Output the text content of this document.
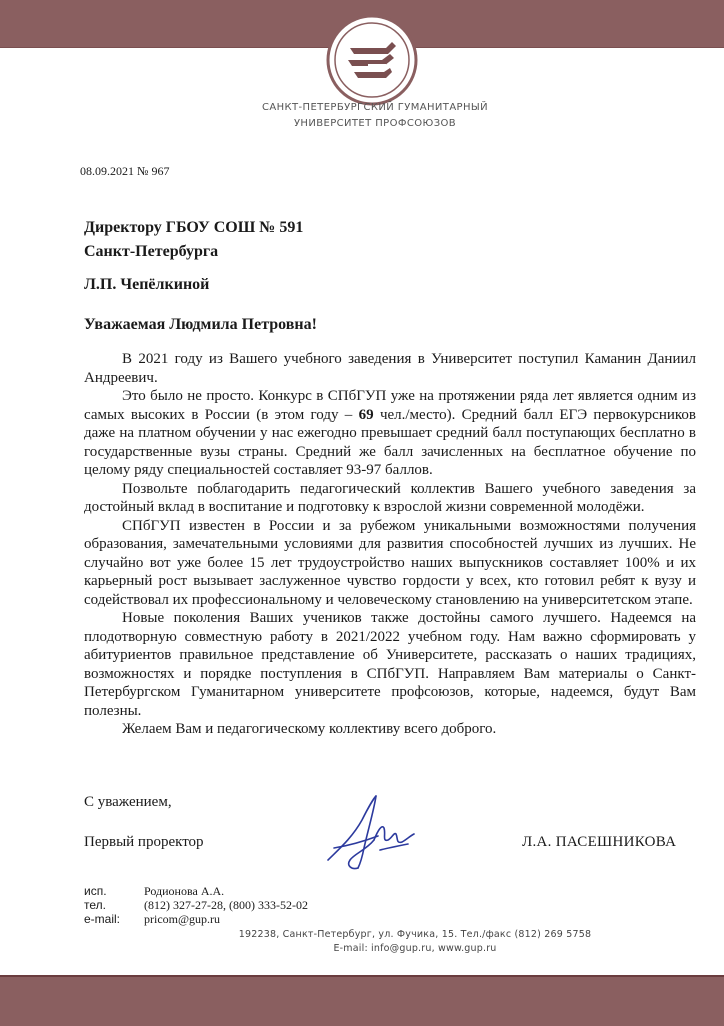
САНКТ-ПЕТЕРБУРГСКИЙ ГУМАНИТАРНЫЙ
УНИВЕРСИТЕТ ПРОФСОЮЗОВ
08.09.2021 № 967
Директору ГБОУ СОШ № 591
Санкт-Петербурга
Л.П. Чепёлкиной
Уважаемая Людмила Петровна!

В 2021 году из Вашего учебного заведения в Университет поступил Каманин Даниил Андреевич.

Это было не просто. Конкурс в СПбГУП уже на протяжении ряда лет является одним из самых высоких в России (в этом году – 69 чел./место). Средний балл ЕГЭ первокурсников даже на платном обучении у нас ежегодно превышает средний балл поступающих бесплатно в государственные вузы страны. Средний же балл зачисленных на бесплатное обучение по целому ряду специальностей составляет 93-97 баллов.

Позвольте поблагодарить педагогический коллектив Вашего учебного заведения за достойный вклад в воспитание и подготовку к взрослой жизни современной молодёжи.

СПбГУП известен в России и за рубежом уникальными возможностями получения образования, замечательными условиями для развития способностей лучших из лучших. Не случайно вот уже более 15 лет трудоустройство наших выпускников составляет 100% и их карьерный рост вызывает заслуженное чувство гордости у всех, кто готовил ребят к вузу и содействовал их профессиональному и человеческому становлению на университетском этапе.

Новые поколения Ваших учеников также достойны самого лучшего. Надеемся на плодотворную совместную работу в 2021/2022 учебном году. Нам важно сформировать у абитуриентов правильное представление об Университете, рассказать о наших традициях, возможностях и порядке поступления в СПбГУП. Направляем Вам материалы о Санкт-Петербургском Гуманитарном университете профсоюзов, которые, надеемся, будут Вам полезны.

Желаем Вам и педагогическому коллективу всего доброго.

С уважением,
Первый проректор	Л.А. ПАСЕШНИКОВА
исп.	Родионова А.А.
тел.	(812) 327-27-28, (800) 333-52-02
e-mail:	pricom@gup.ru
192238, Санкт-Петербург, ул. Фучика, 15. Тел./факс (812) 269 5758
E-mail: info@gup.ru, www.gup.ru
